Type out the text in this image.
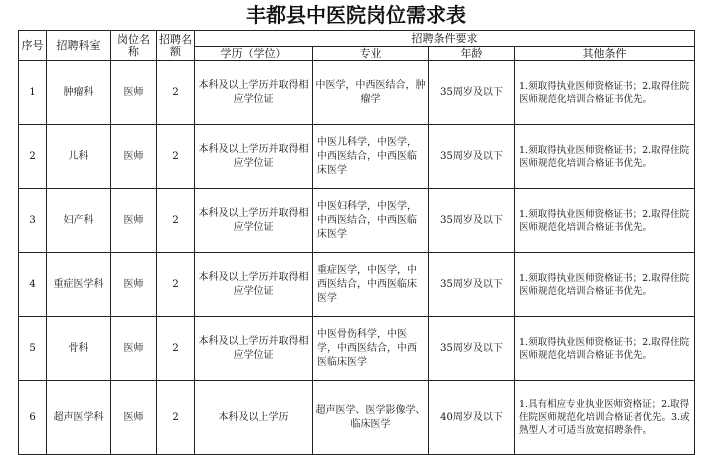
丰都县中医院岗位需求表
序号	招聘科室	岗位名称	招聘名额	招聘条件要求			
				学历（学位）	专业	年龄	其他条件
1	肿瘤科	医师	2	本科及以上学历并取得相应学位证	中医学，中西医结合，肿瘤学	35周岁及以下	1.须取得执业医师资格证书；2.取得住院医师规范化培训合格证书优先。
2	儿科	医师	2	本科及以上学历并取得相应学位证	中医儿科学，中医学，中西医结合，中西医临床医学	35周岁及以下	1.须取得执业医师资格证书；2.取得住院医师规范化培训合格证书优先。
3	妇产科	医师	2	本科及以上学历并取得相应学位证	中医妇科学，中医学，中西医结合，中西医临床医学	35周岁及以下	1.须取得执业医师资格证书；2.取得住院医师规范化培训合格证书优先。
4	重症医学科	医师	2	本科及以上学历并取得相应学位证	重症医学，中医学，中西医结合，中西医临床医学	35周岁及以下	1.须取得执业医师资格证书；2.取得住院医师规范化培训合格证书优先。
5	骨科	医师	2	本科及以上学历并取得相应学位证	中医骨伤科学，中医学，中西医结合，中西医临床医学	35周岁及以下	1.须取得执业医师资格证书；2.取得住院医师规范化培训合格证书优先。
6	超声医学科	医师	2	本科及以上学历	超声医学、医学影像学、临床医学	40周岁及以下	1.具有相应专业执业医师资格证；2.取得住院医师规范化培训合格证者优先。3.或熟型人才可适当放宽招聘条件。
